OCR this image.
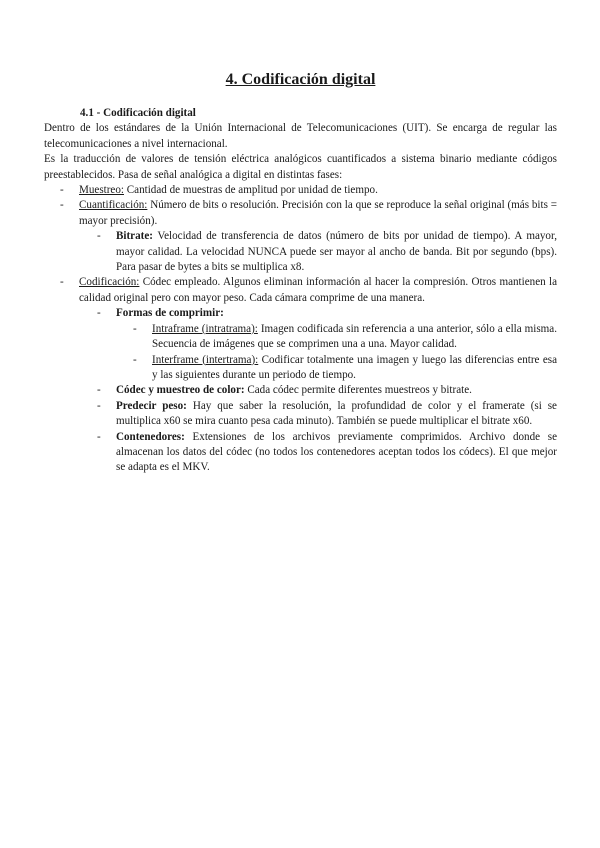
4. Codificación digital
4.1 - Codificación digital

Dentro de los estándares de la Unión Internacional de Telecomunicaciones (UIT). Se encarga de regular las telecomunicaciones a nivel internacional.

Es la traducción de valores de tensión eléctrica analógicos cuantificados a sistema binario mediante códigos preestablecidos. Pasa de señal analógica a digital en distintas fases:

- Muestreo: Cantidad de muestras de amplitud por unidad de tiempo.
- Cuantificación: Número de bits o resolución. Precisión con la que se reproduce la señal original (más bits = mayor precisión).
- Bitrate: Velocidad de transferencia de datos (número de bits por unidad de tiempo). A mayor, mayor calidad. La velocidad NUNCA puede ser mayor al ancho de banda. Bit por segundo (bps). Para pasar de bytes a bits se multiplica x8.
- Codificación: Códec empleado. Algunos eliminan información al hacer la compresión. Otros mantienen la calidad original pero con mayor peso. Cada cámara comprime de una manera.
- Formas de comprimir:
- Intraframe (intratrama): Imagen codificada sin referencia a una anterior, sólo a ella misma. Secuencia de imágenes que se comprimen una a una. Mayor calidad.
- Interframe (intertrama): Codificar totalmente una imagen y luego las diferencias entre esa y las siguientes durante un periodo de tiempo.
- Códec y muestreo de color: Cada códec permite diferentes muestreos y bitrate.
- Predecir peso: Hay que saber la resolución, la profundidad de color y el framerate (si se multiplica x60 se mira cuanto pesa cada minuto). También se puede multiplicar el bitrate x60.
- Contenedores: Extensiones de los archivos previamente comprimidos. Archivo donde se almacenan los datos del códec (no todos los contenedores aceptan todos los códecs). El que mejor se adapta es el MKV.
